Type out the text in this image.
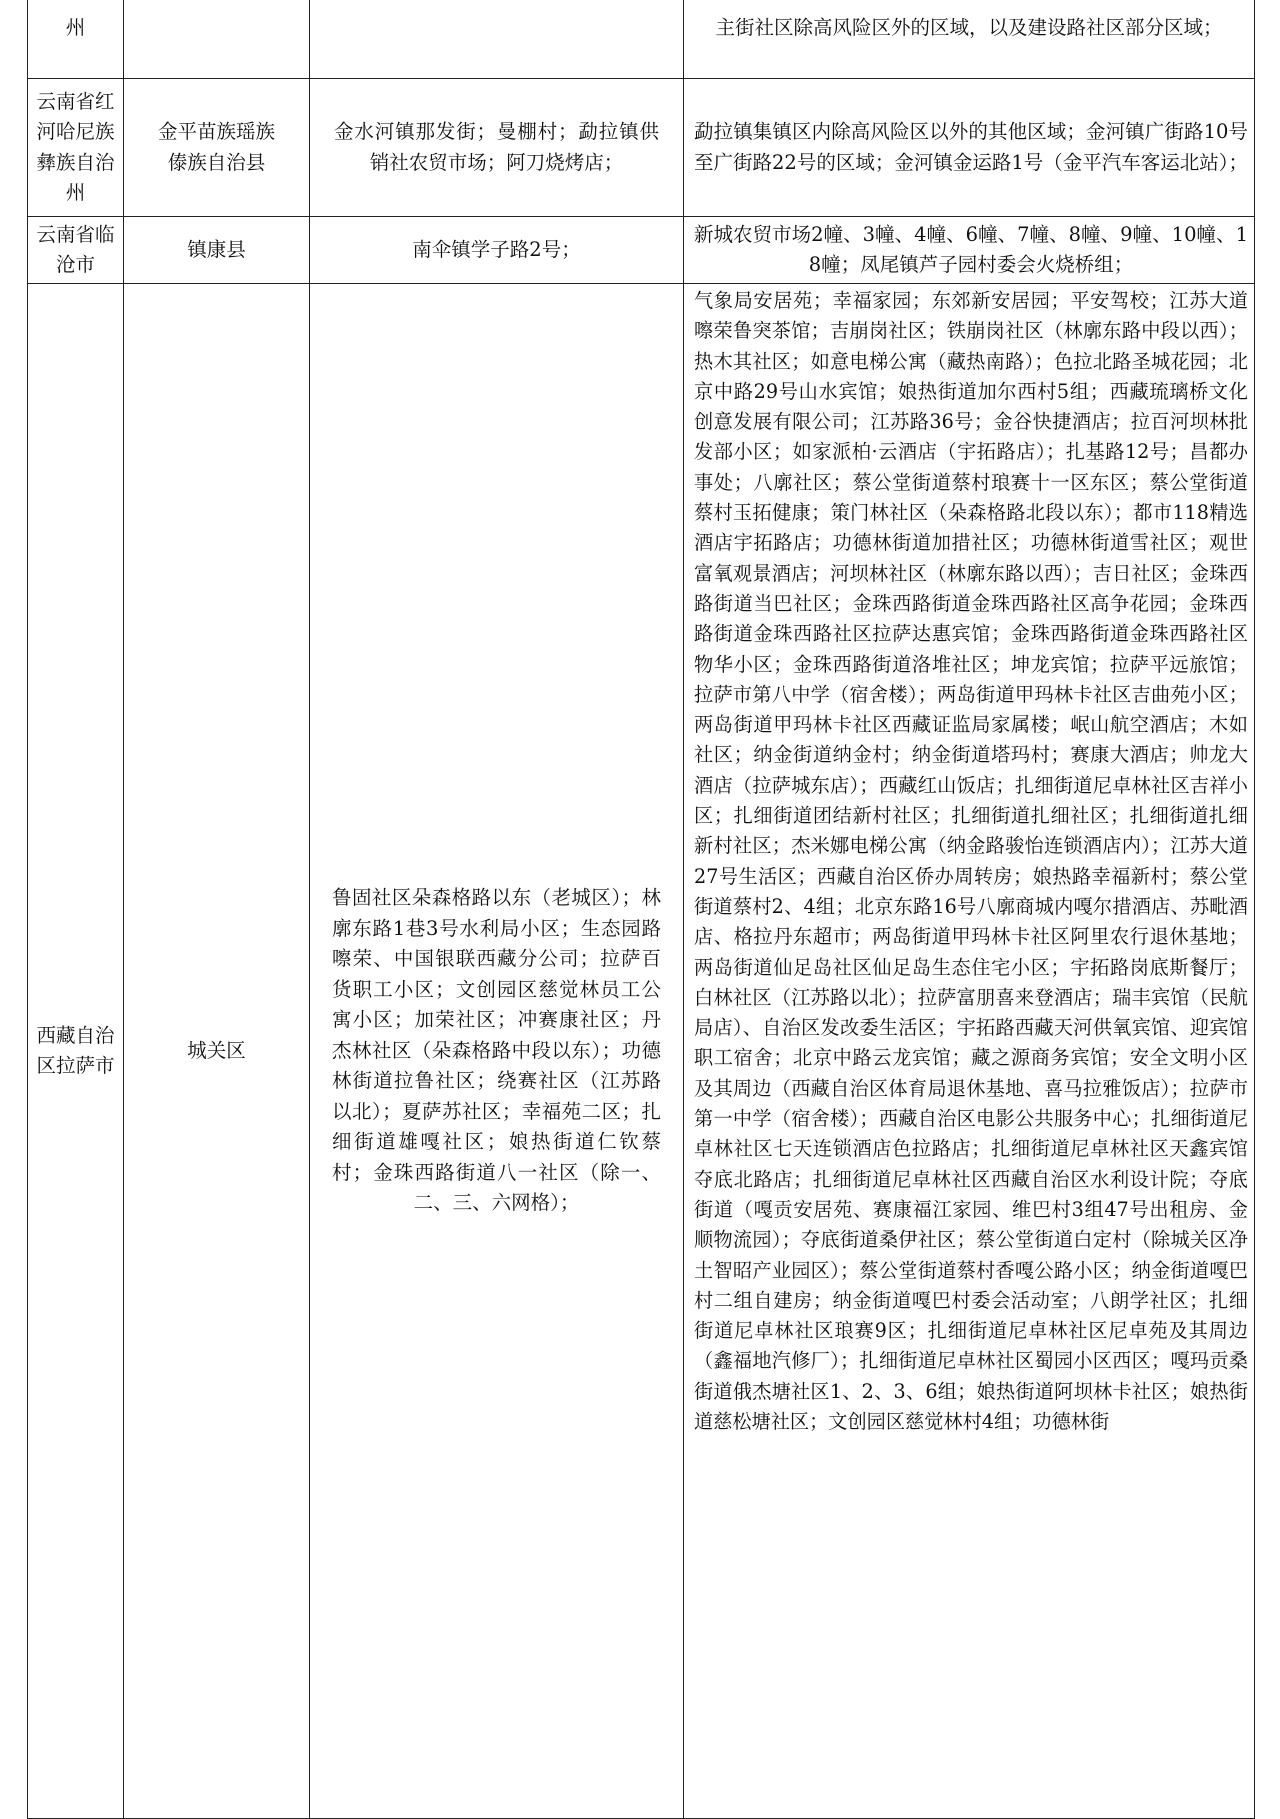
州			主街社区除高风险区外的区域，以及建设路社区部分区域；
云南省红河哈尼族彝族自治州	金平苗族瑶族傣族自治县	金水河镇那发街；曼棚村；勐拉镇供销社农贸市场；阿刀烧烤店；	勐拉镇集镇区内除高风险区以外的其他区域；金河镇广街路10号至广街路22号的区域；金河镇金运路1号（金平汽车客运北站）；
云南省临沧市	镇康县	南伞镇学子路2号；	新城农贸市场2幢、3幢、4幢、6幢、7幢、8幢、9幢、10幢、18幢；凤尾镇芦子园村委会火烧桥组；
西藏自治区拉萨市	城关区	鲁固社区朵森格路以东（老城区）；林廓东路1巷3号水利局小区；生态园路嚓荣、中国银联西藏分公司；拉萨百货职工小区；文创园区慈觉林员工公寓小区；加荣社区；冲赛康社区；丹杰林社区（朵森格路中段以东）；功德林街道拉鲁社区；绕赛社区（江苏路以北）；夏萨苏社区；幸福苑二区；扎细街道雄嘎社区；娘热街道仁钦蔡村；金珠西路街道八一社区（除一、二、三、六网格）；	气象局安居苑；幸福家园；东郊新安居园；平安驾校；江苏大道嚓荣鲁突茶馆；吉崩岗社区；铁崩岗社区（林廓东路中段以西）；热木其社区；如意电梯公寓（藏热南路）；色拉北路圣城花园；北京中路29号山水宾馆；娘热街道加尔西村5组；西藏琉璃桥文化创意发展有限公司；江苏路36号；金谷快捷酒店；拉百河坝林批发部小区；如家派柏·云酒店（宇拓路店）；扎基路12号；昌都办事处；八廓社区；蔡公堂街道蔡村琅赛十一区东区；蔡公堂街道蔡村玉拓健康；策门林社区（朵森格路北段以东）；都市118精选酒店宇拓路店；功德林街道加措社区；功德林街道雪社区；观世富氧观景酒店；河坝林社区（林廓东路以西）；吉日社区；金珠西路街道当巴社区；金珠西路街道金珠西路社区高争花园；金珠西路街道金珠西路社区拉萨达惠宾馆；金珠西路街道金珠西路社区物华小区；金珠西路街道洛堆社区；坤龙宾馆；拉萨平远旅馆；拉萨市第八中学（宿舍楼）；两岛街道甲玛林卡社区吉曲苑小区；两岛街道甲玛林卡社区西藏证监局家属楼；岷山航空酒店；木如社区；纳金街道纳金村；纳金街道塔玛村；赛康大酒店；帅龙大酒店（拉萨城东店）；西藏红山饭店；扎细街道尼卓林社区吉祥小区；扎细街道团结新村社区；扎细街道扎细社区；扎细街道扎细新村社区；杰米娜电梯公寓（纳金路骏怡连锁酒店内）；江苏大道27号生活区；西藏自治区侨办周转房；娘热路幸福新村；蔡公堂街道蔡村2、4组；北京东路16号八廓商城内嘎尔措酒店、苏毗酒店、格拉丹东超市；两岛街道甲玛林卡社区阿里农行退休基地；两岛街道仙足岛社区仙足岛生态住宅小区；宇拓路岗底斯餐厅；白林社区（江苏路以北）；拉萨富朋喜来登酒店；瑞丰宾馆（民航局店）、自治区发改委生活区；宇拓路西藏天河供氧宾馆、迎宾馆职工宿舍；北京中路云龙宾馆；藏之源商务宾馆；安全文明小区及其周边（西藏自治区体育局退休基地、喜马拉雅饭店）；拉萨市第一中学（宿舍楼）；西藏自治区电影公共服务中心；扎细街道尼卓林社区七天连锁酒店色拉路店；扎细街道尼卓林社区天鑫宾馆夺底北路店；扎细街道尼卓林社区西藏自治区水利设计院；夺底街道（嘎贡安居苑、赛康福江家园、维巴村3组47号出租房、金顺物流园）；夺底街道桑伊社区；蔡公堂街道白定村（除城关区净土智昭产业园区）；蔡公堂街道蔡村香嘎公路小区；纳金街道嘎巴村二组自建房；纳金街道嘎巴村委会活动室；八朗学社区；扎细街道尼卓林社区琅赛9区；扎细街道尼卓林社区尼卓苑及其周边（鑫福地汽修厂）；扎细街道尼卓林社区蜀园小区西区；嘎玛贡桑街道俄杰塘社区1、2、3、6组；娘热街道阿坝林卡社区；娘热街道慈松塘社区；文创园区慈觉林村4组；功德林街
